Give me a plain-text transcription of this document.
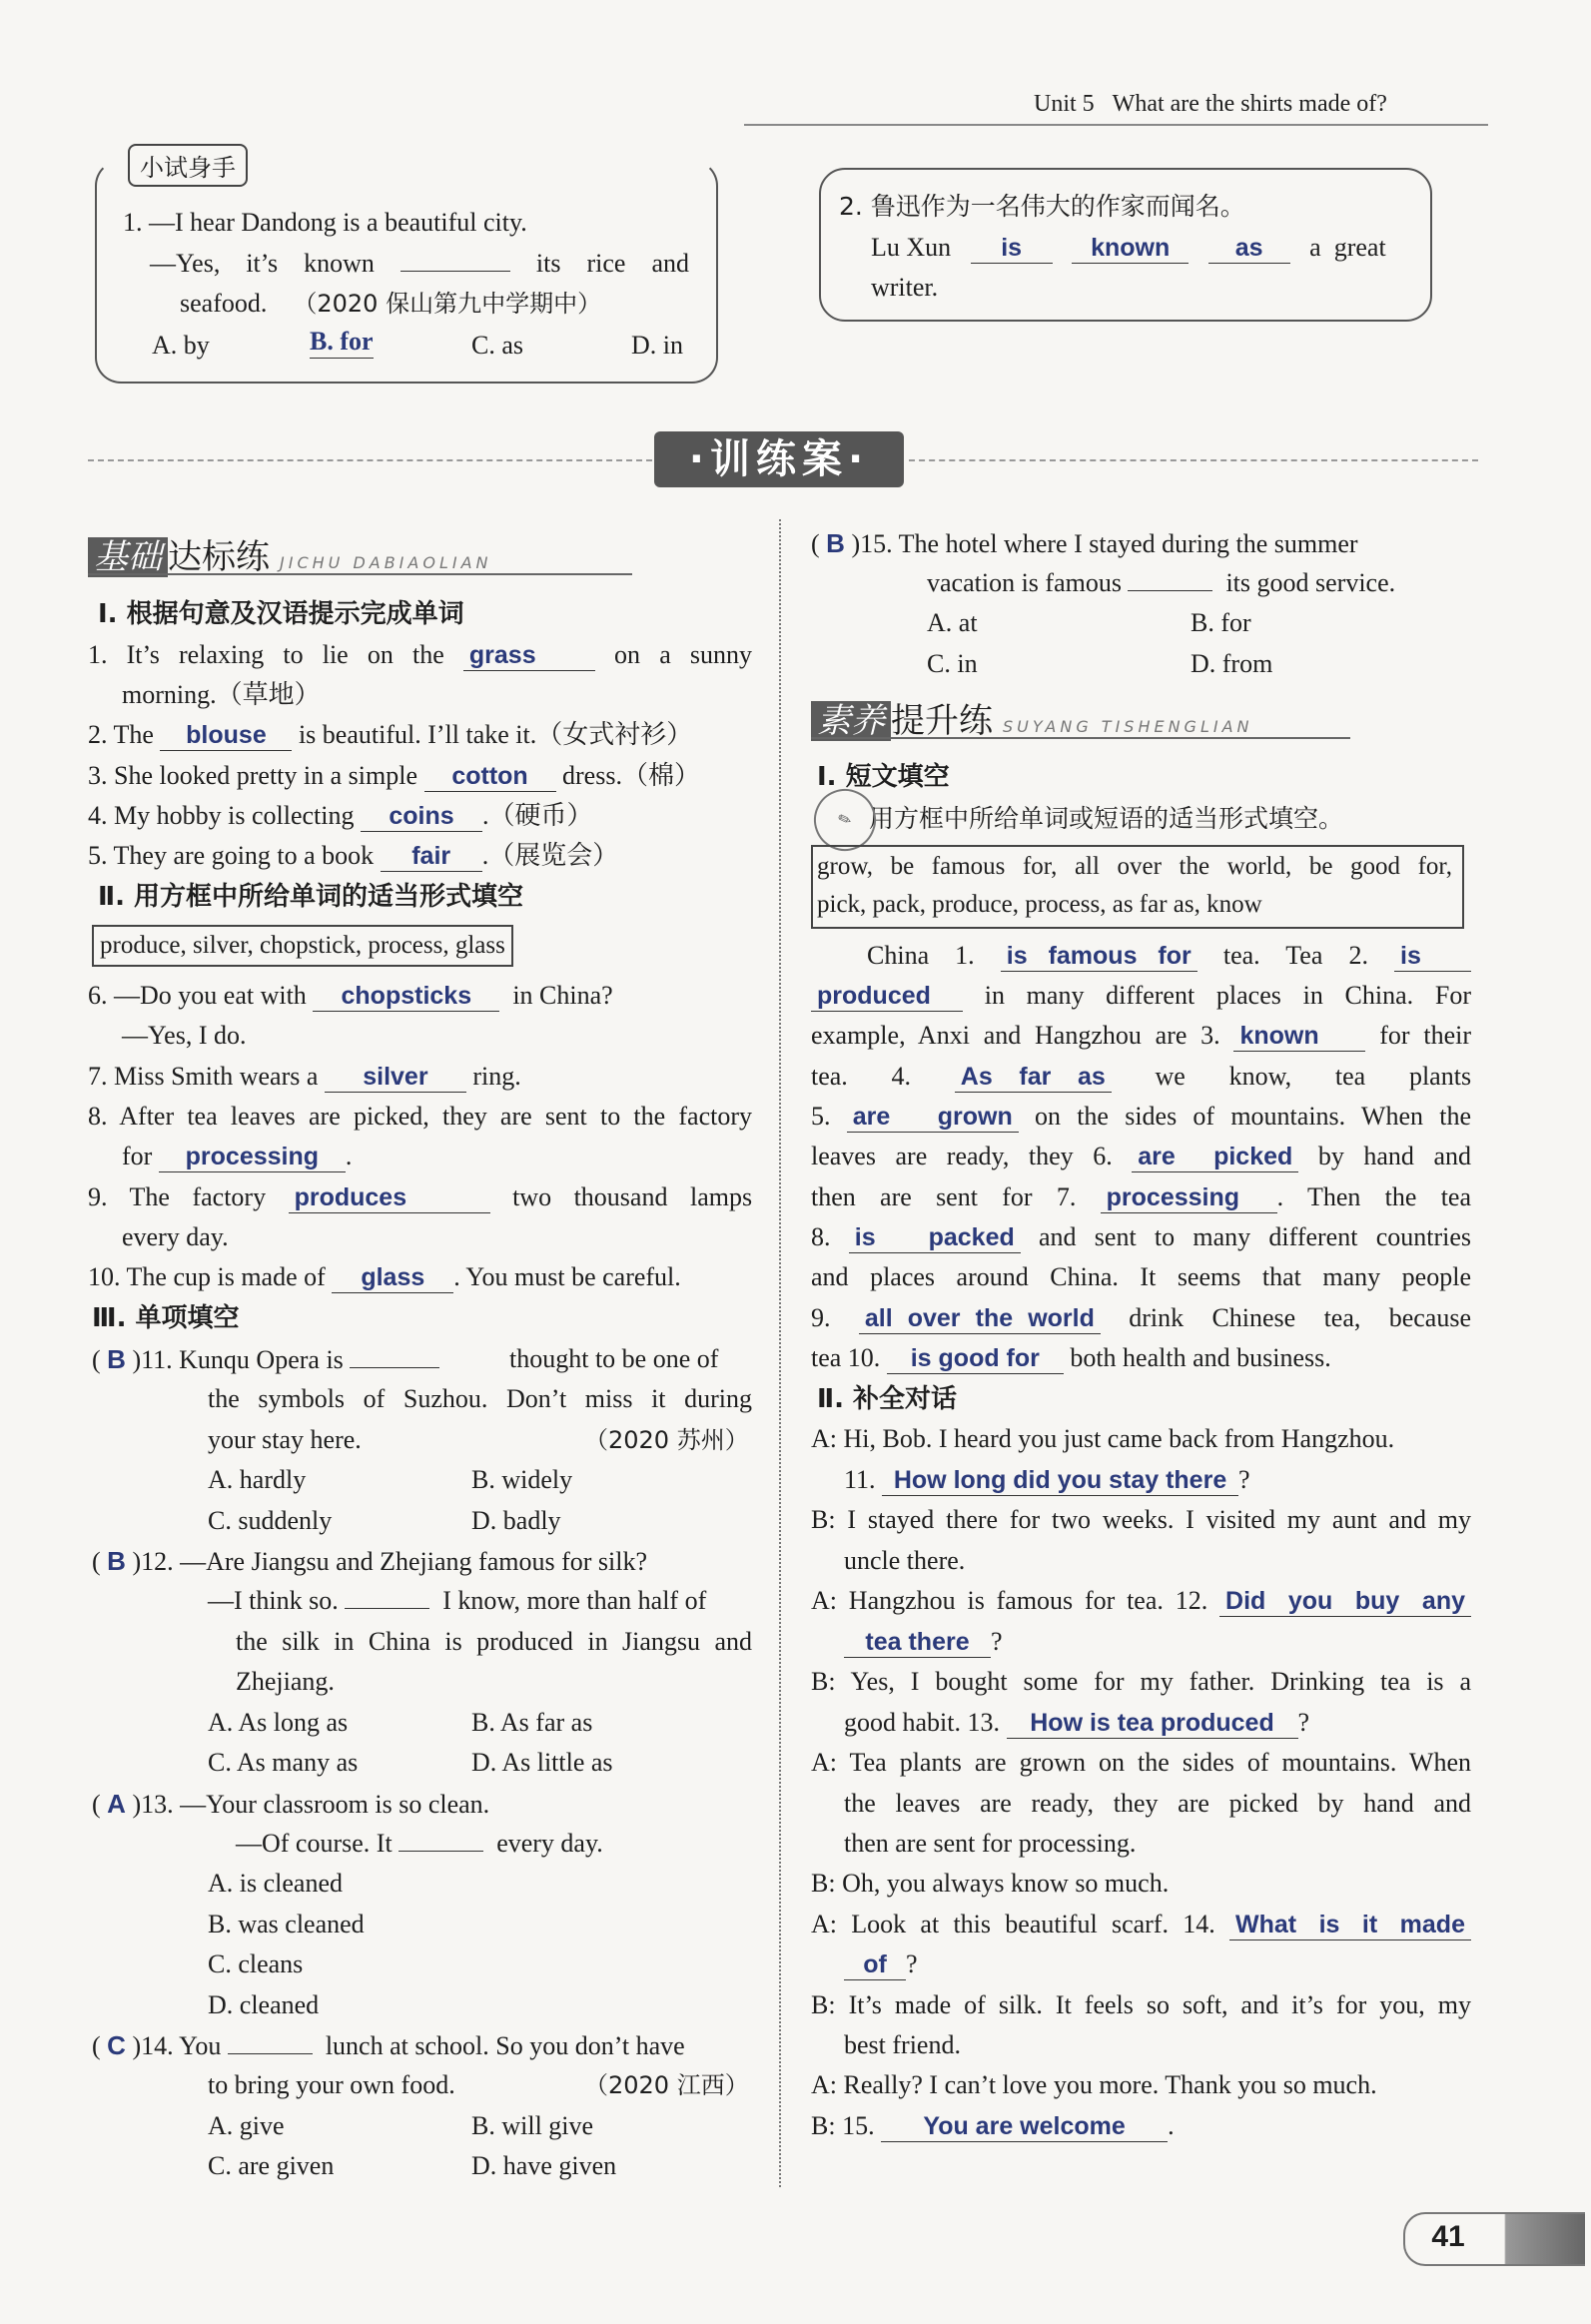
Unit 5 What are the shirts made of?
小试身手
1. —I hear Dandong is a beautiful city.
—Yes, it’s known	its rice and
seafood. （2020 保山第九中学期中）
A. by	B. for	C. as	D. in
2. 鲁迅作为一名伟大的作家而闻名。
Lu Xun is	known	as a great
writer.
·训练案·
基础 达标练 JICHU DABIAOLIAN
Ⅰ. 根据句意及汉语提示完成单词
1. It’s relaxing to lie on the grass	on a sunny
morning.（草地）
2. The blouse is beautiful. I’ll take it.（女式衬衫）
3. She looked pretty in a simple cotton dress.（棉）
4. My hobby is collecting coins .（硬币）
5. They are going to a book fair .（展览会）
Ⅱ. 用方框中所给单词的适当形式填空
produce, silver, chopstick, process, glass
6. —Do you eat with chopsticks in China?
—Yes, I do.
7. Miss Smith wears a silver ring.
8. After tea leaves are picked, they are sent to the factory
for processing .
9. The factory produces	two thousand lamps
every day.
10. The cup is made of glass . You must be careful.
Ⅲ. 单项填空
( B )11. Kunqu Opera is	thought to be one of
the symbols of Suzhou. Don’t miss it during
your stay here.	（2020 苏州）
A. hardly	B. widely
C. suddenly	D. badly
( B )12. —Are Jiangsu and Zhejiang famous for silk?
—I think so.	I know, more than half of
the silk in China is produced in Jiangsu and
Zhejiang.
A. As long as	B. As far as
C. As many as	D. As little as
( A )13. —Your classroom is so clean.
—Of course. It	every day.
A. is cleaned
B. was cleaned
C. cleans
D. cleaned
( C )14. You	lunch at school. So you don’t have
to bring your own food.	（2020 江西）
A. give	B. will give
C. are given	D. have given
( B )15. The hotel where I stayed during the summer
vacation is famous	its good service.
A. at	B. for
C. in	D. from
素养 提升练 SUYANG TISHENGLIAN
Ⅰ. 短文填空
用方框中所给单词或短语的适当形式填空。
✎
grow, be famous for, all over the world, be good for,
pick, pack, produce, process, as far as, know
China 1. is famous for tea. Tea 2. is
produced in many different places in China. For
example, Anxi and Hangzhou are 3. known for their
tea. 4. As far as we know, tea plants
5. are grown on the sides of mountains. When the
leaves are ready, they 6. are picked by hand and
then are sent for 7. processing . Then the tea
8. is packed and sent to many different countries
and places around China. It seems that many people
9. all over the world drink Chinese tea, because
tea 10. is good for both health and business.
Ⅱ. 补全对话
A: Hi, Bob. I heard you just came back from Hangzhou.
11. How long did you stay there ?
B: I stayed there for two weeks. I visited my aunt and my
uncle there.
A: Hangzhou is famous for tea. 12. Did you buy any
tea there ?
B: Yes, I bought some for my father. Drinking tea is a
good habit. 13. How is tea produced ?
A: Tea plants are grown on the sides of mountains. When
the leaves are ready, they are picked by hand and
then are sent for processing.
B: Oh, you always know so much.
A: Look at this beautiful scarf. 14. What is it made
of ?
B: It’s made of silk. It feels so soft, and it’s for you, my
best friend.
A: Really? I can’t love you more. Thank you so much.
B: 15. You are welcome .
41
